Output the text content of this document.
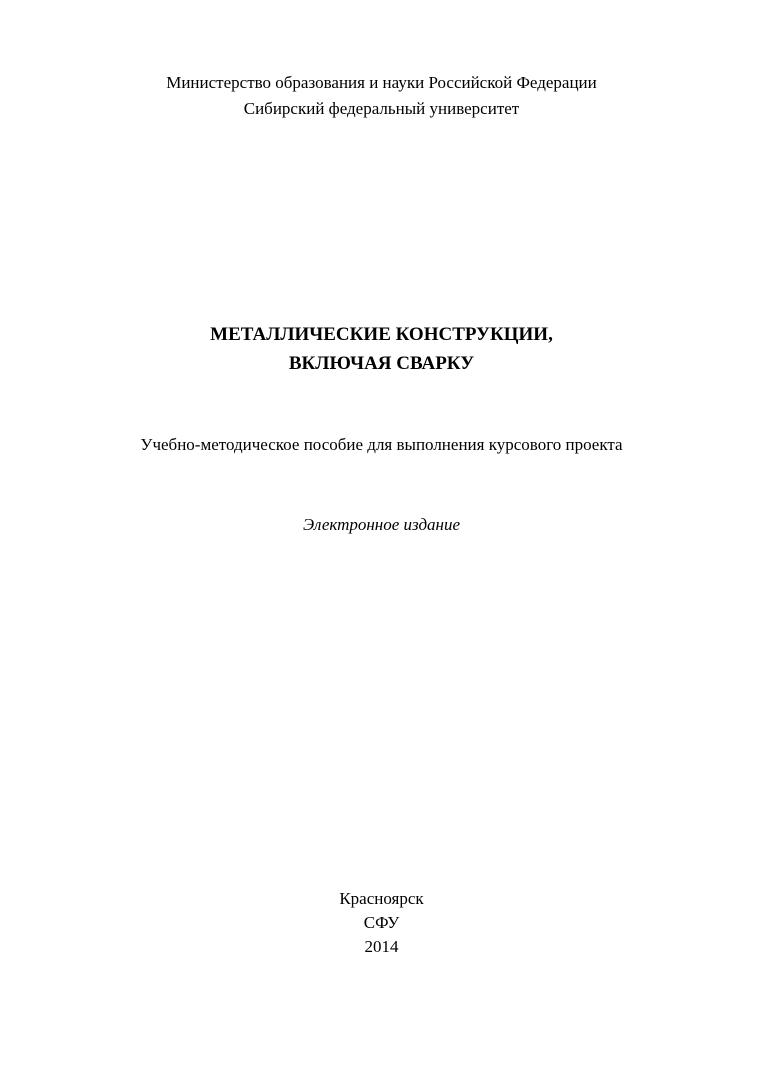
Министерство образования и науки Российской Федерации
Сибирский федеральный университет
МЕТАЛЛИЧЕСКИЕ КОНСТРУКЦИИ,
ВКЛЮЧАЯ СВАРКУ
Учебно-методическое пособие для выполнения курсового проекта
Электронное издание
Красноярск
СФУ
2014
